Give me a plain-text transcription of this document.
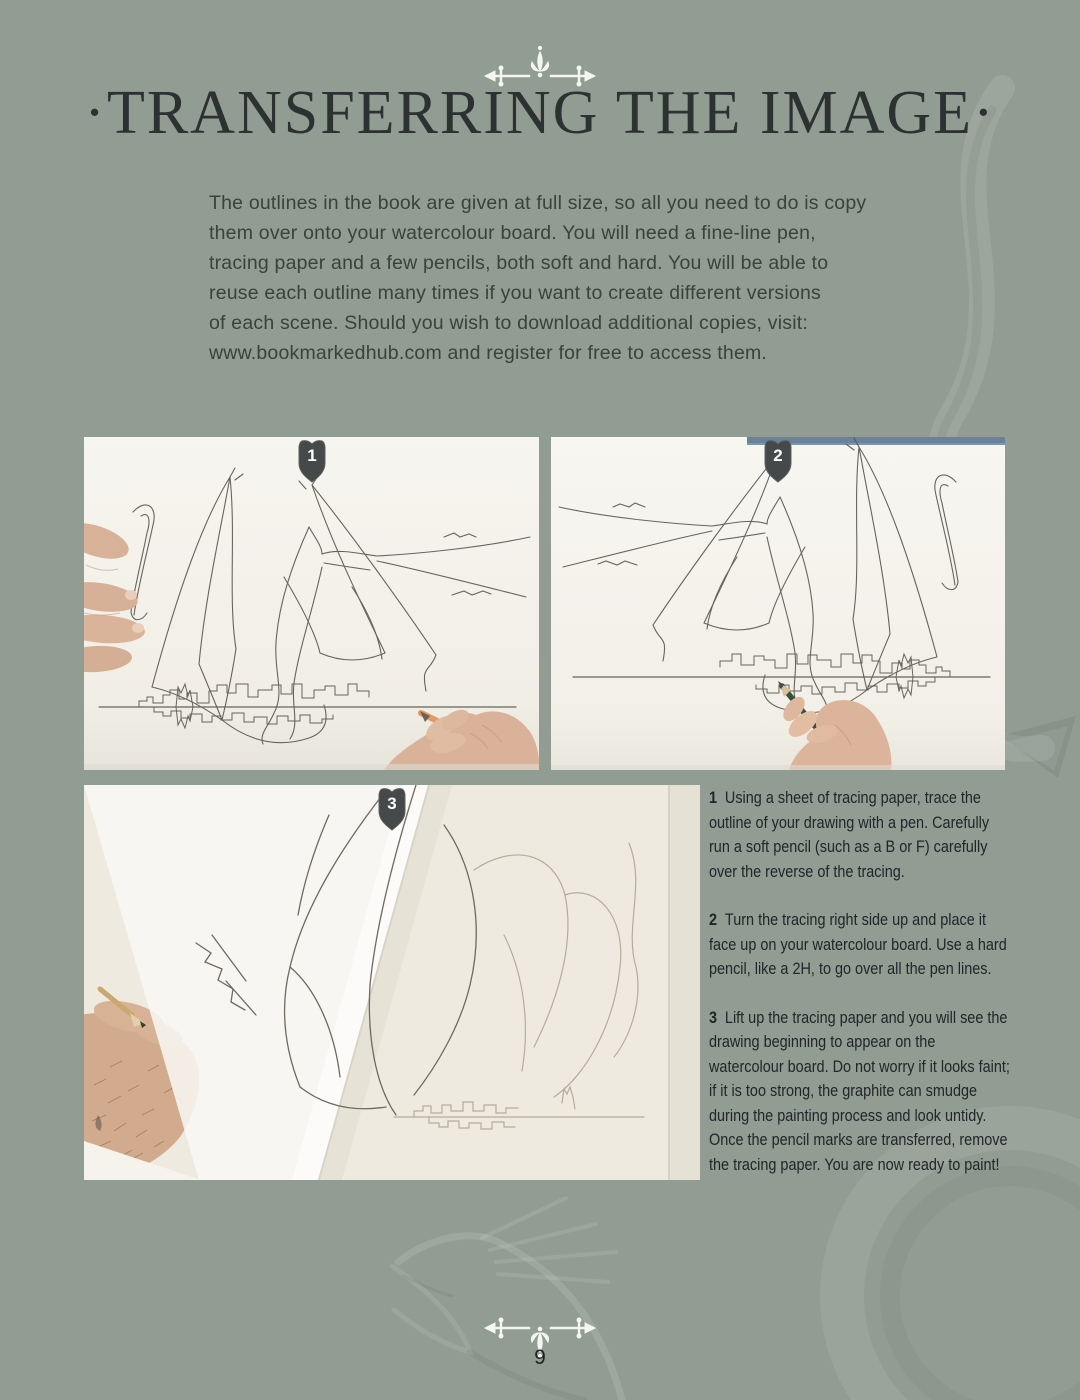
·TRANSFERRING THE IMAGE·
The outlines in the book are given at full size, so all you need to do is copy
them over onto your watercolour board. You will need a fine-line pen,
tracing paper and a few pencils, both soft and hard. You will be able to
reuse each outline many times if you want to create different versions
of each scene. Should you wish to download additional copies, visit:
www.bookmarkedhub.com and register for free to access them.
1	2
3	1 Using a sheet of tracing paper, trace the outline of your drawing with a pen. Carefully run a soft pencil (such as a B or F) carefully over the reverse of the tracing.

2 Turn the tracing right side up and place it face up on your watercolour board. Use a hard pencil, like a 2H, to go over all the pen lines.

3 Lift up the tracing paper and you will see the drawing beginning to appear on the watercolour board. Do not worry if it looks faint; if it is too strong, the graphite can smudge during the painting process and look untidy. Once the pencil marks are transferred, remove the tracing paper. You are now ready to paint!

9
